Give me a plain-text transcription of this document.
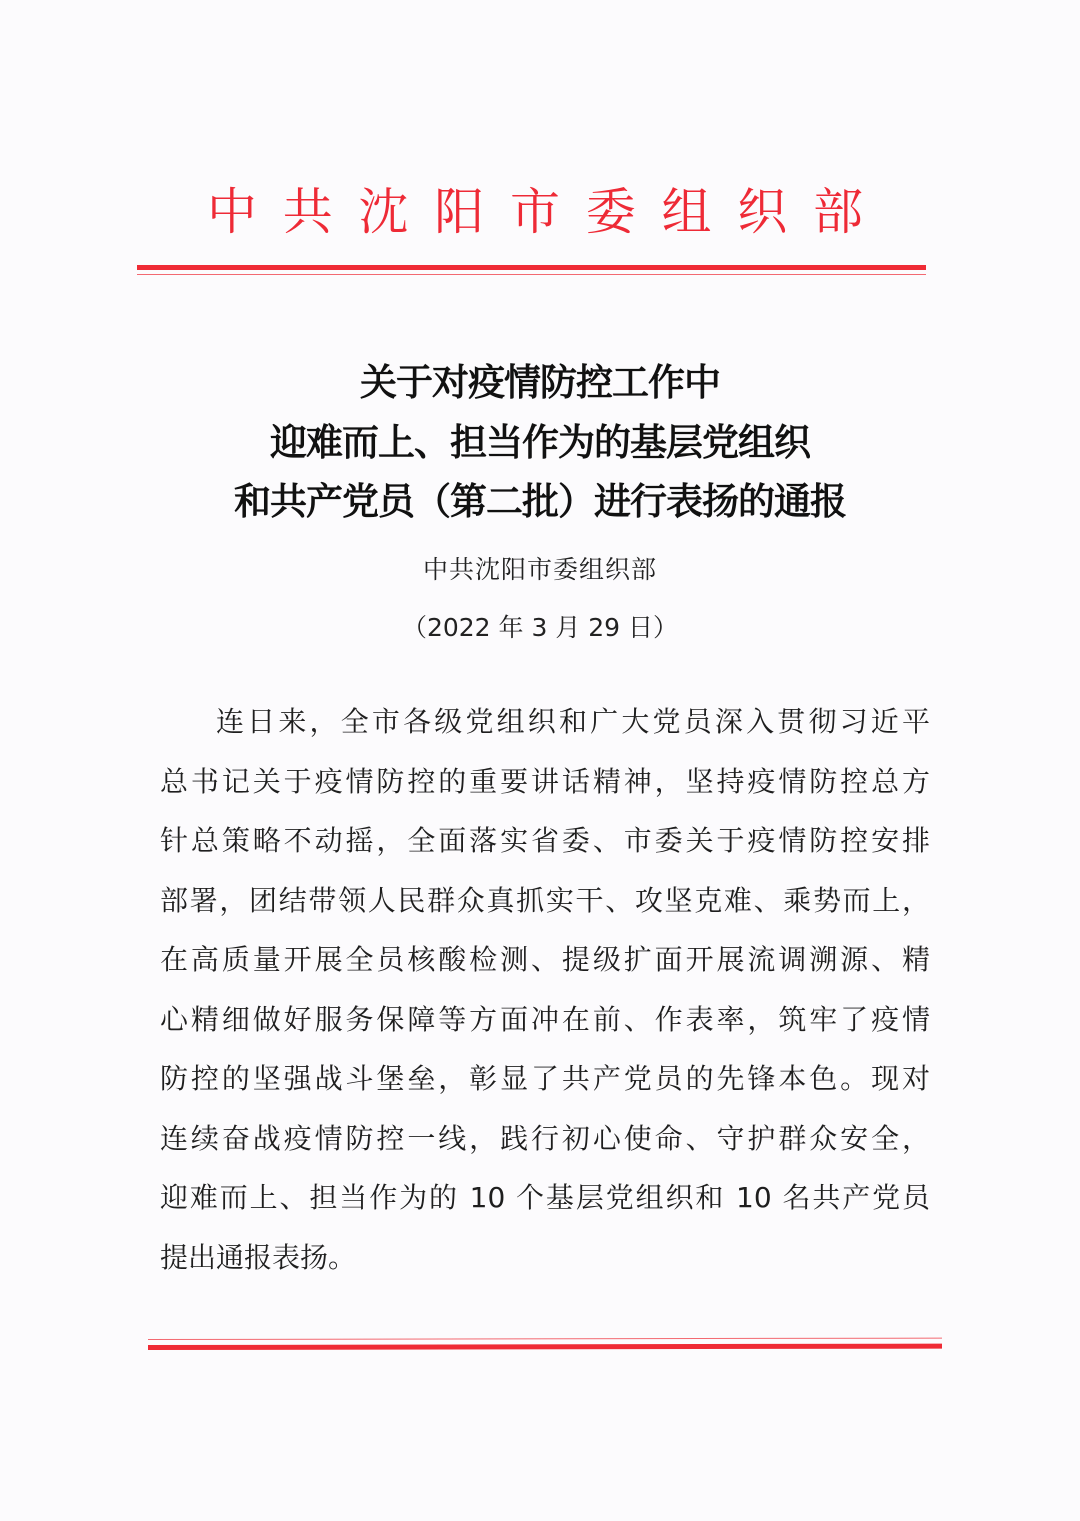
中 共 沈 阳 市 委 组 织 部
关于对疫情防控工作中
迎难而上、担当作为的基层党组织
和共产党员（第二批）进行表扬的通报
中共沈阳市委组织部
（2022 年 3 月 29 日）
连日来，全市各级党组织和广大党员深入贯彻习近平
总书记关于疫情防控的重要讲话精神，坚持疫情防控总方
针总策略不动摇，全面落实省委、市委关于疫情防控安排
部署，团结带领人民群众真抓实干、攻坚克难、乘势而上，
在高质量开展全员核酸检测、提级扩面开展流调溯源、精
心精细做好服务保障等方面冲在前、作表率，筑牢了疫情
防控的坚强战斗堡垒，彰显了共产党员的先锋本色。现对
连续奋战疫情防控一线，践行初心使命、守护群众安全，
迎难而上、担当作为的 10 个基层党组织和 10 名共产党员
提出通报表扬。
